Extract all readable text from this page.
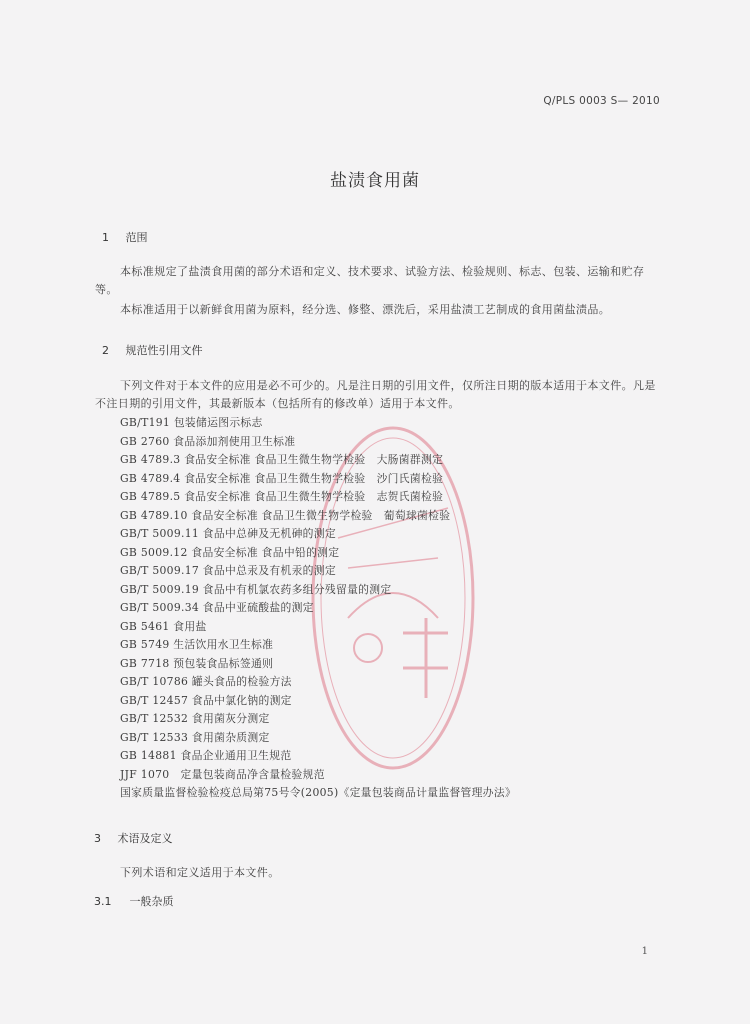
Q/PLS 0003 S— 2010
盐渍食用菌
1 范围
本标准规定了盐渍食用菌的部分术语和定义、技术要求、试验方法、检验规则、标志、包装、运输和贮存等。
本标准适用于以新鲜食用菌为原料，经分选、修整、漂洗后，采用盐渍工艺制成的食用菌盐渍品。
2 规范性引用文件
下列文件对于本文件的应用是必不可少的。凡是注日期的引用文件，仅所注日期的版本适用于本文件。凡是不注日期的引用文件，其最新版本（包括所有的修改单）适用于本文件。
GB/T191 包装储运图示标志
GB 2760 食品添加剂使用卫生标准
GB 4789.3 食品安全标准 食品卫生微生物学检验　大肠菌群测定
GB 4789.4 食品安全标准 食品卫生微生物学检验　沙门氏菌检验
GB 4789.5 食品安全标准 食品卫生微生物学检验　志贺氏菌检验
GB 4789.10 食品安全标准 食品卫生微生物学检验　葡萄球菌检验
GB/T 5009.11 食品中总砷及无机砷的测定
GB 5009.12 食品安全标准 食品中铅的测定
GB/T 5009.17 食品中总汞及有机汞的测定
GB/T 5009.19 食品中有机氯农药多组分残留量的测定
GB/T 5009.34 食品中亚硫酸盐的测定
GB 5461 食用盐
GB 5749 生活饮用水卫生标准
GB 7718 预包装食品标签通则
GB/T 10786 罐头食品的检验方法
GB/T 12457 食品中氯化钠的测定
GB/T 12532 食用菌灰分测定
GB/T 12533 食用菌杂质测定
GB 14881 食品企业通用卫生规范
JJF 1070　定量包装商品净含量检验规范
国家质量监督检验检疫总局第75号令(2005)《定量包装商品计量监督管理办法》
3 术语及定义
下列术语和定义适用于本文件。
3.1 一般杂质
1
